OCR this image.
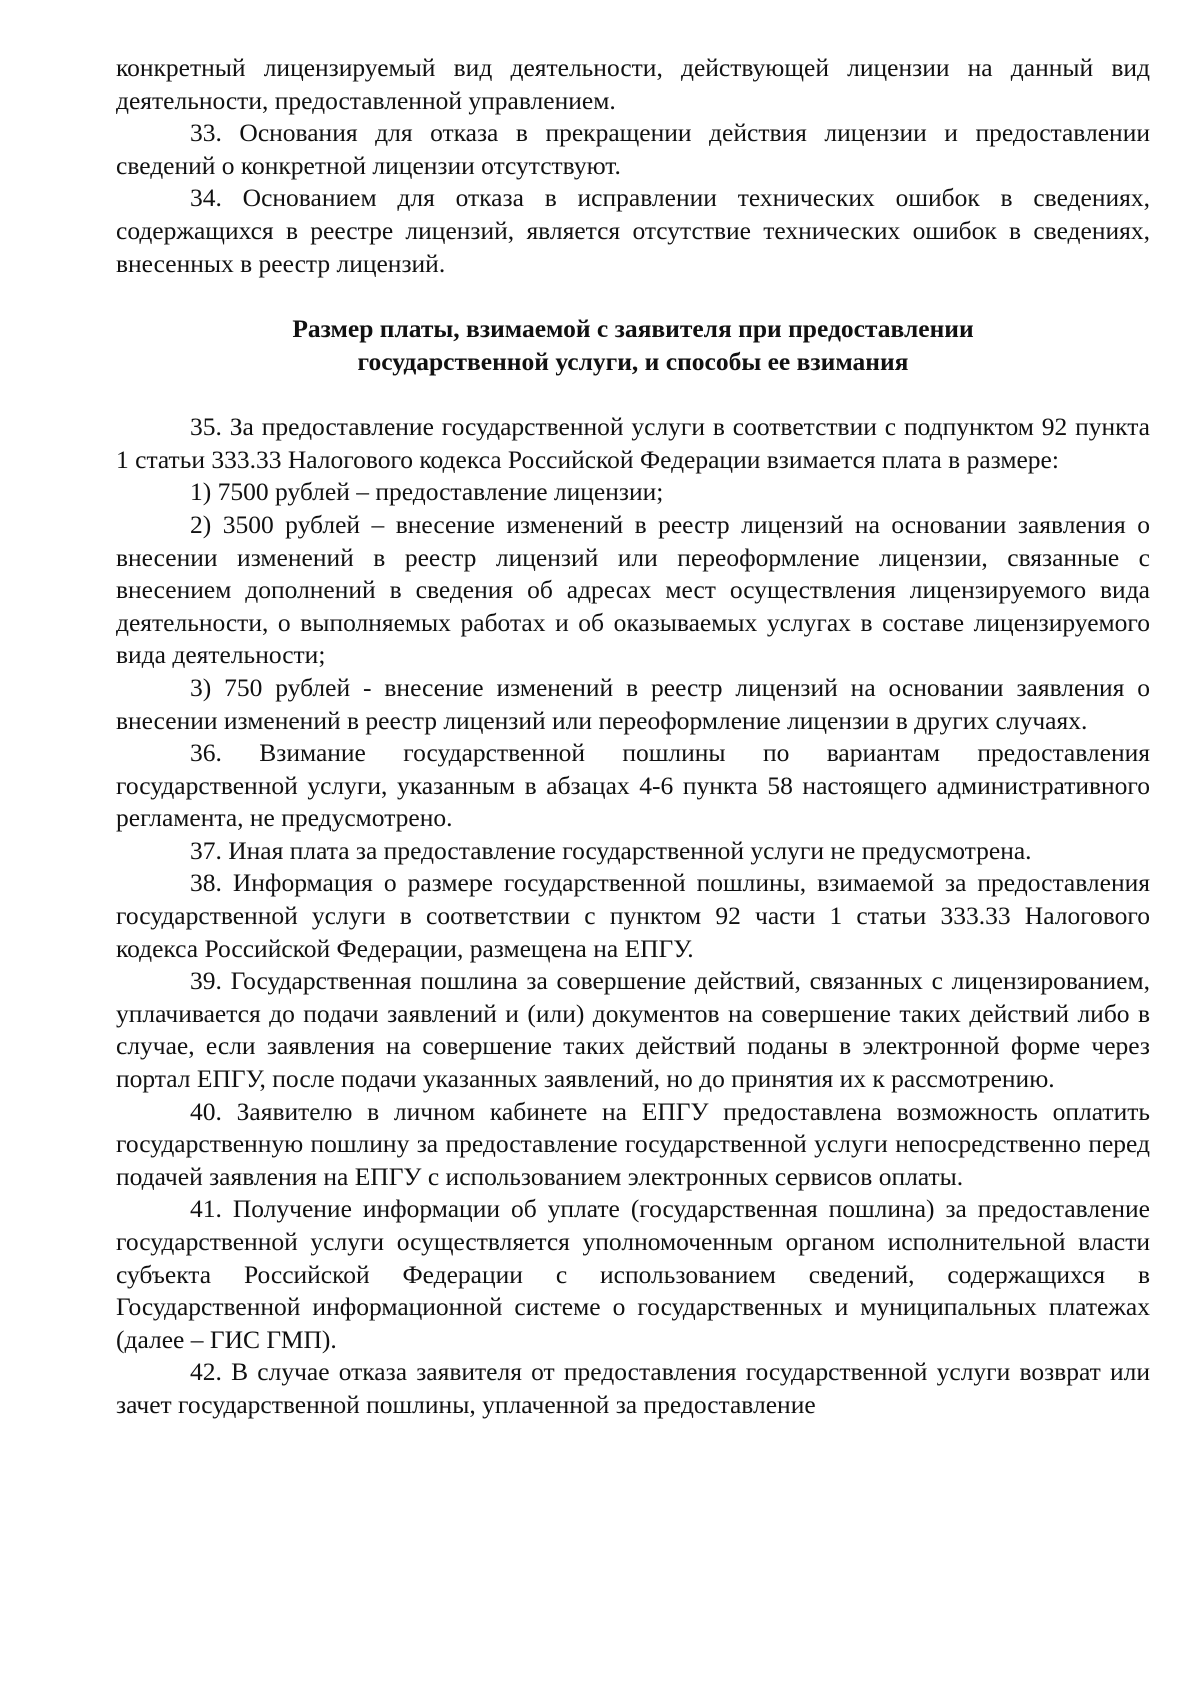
конкретный лицензируемый вид деятельности, действующей лицензии на данный вид деятельности, предоставленной управлением.

33. Основания для отказа в прекращении действия лицензии и предоставлении сведений о конкретной лицензии отсутствуют.

34. Основанием для отказа в исправлении технических ошибок в сведениях, содержащихся в реестре лицензий, является отсутствие технических ошибок в сведениях, внесенных в реестр лицензий.

Размер платы, взимаемой с заявителя при предоставлении
государственной услуги, и способы ее взимания

35. За предоставление государственной услуги в соответствии с подпунктом 92 пункта 1 статьи 333.33 Налогового кодекса Российской Федерации взимается плата в размере:

1) 7500 рублей – предоставление лицензии;

2) 3500 рублей – внесение изменений в реестр лицензий на основании заявления о внесении изменений в реестр лицензий или переоформление лицензии, связанные с внесением дополнений в сведения об адресах мест осуществления лицензируемого вида деятельности, о выполняемых работах и об оказываемых услугах в составе лицензируемого вида деятельности;

3) 750 рублей - внесение изменений в реестр лицензий на основании заявления о внесении изменений в реестр лицензий или переоформление лицензии в других случаях.

36. Взимание государственной пошлины по вариантам предоставления государственной услуги, указанным в абзацах 4-6 пункта 58 настоящего административного регламента, не предусмотрено.

37. Иная плата за предоставление государственной услуги не предусмотрена.

38. Информация о размере государственной пошлины, взимаемой за предоставления государственной услуги в соответствии с пунктом 92 части 1 статьи 333.33 Налогового кодекса Российской Федерации, размещена на ЕПГУ.

39. Государственная пошлина за совершение действий, связанных с лицензированием, уплачивается до подачи заявлений и (или) документов на совершение таких действий либо в случае, если заявления на совершение таких действий поданы в электронной форме через портал ЕПГУ, после подачи указанных заявлений, но до принятия их к рассмотрению.

40. Заявителю в личном кабинете на ЕПГУ предоставлена возможность оплатить государственную пошлину за предоставление государственной услуги непосредственно перед подачей заявления на ЕПГУ с использованием электронных сервисов оплаты.

41. Получение информации об уплате (государственная пошлина) за предоставление государственной услуги осуществляется уполномоченным органом исполнительной власти субъекта Российской Федерации с использованием сведений, содержащихся в Государственной информационной системе о государственных и муниципальных платежах (далее – ГИС ГМП).

42. В случае отказа заявителя от предоставления государственной услуги возврат или зачет государственной пошлины, уплаченной за предоставление
